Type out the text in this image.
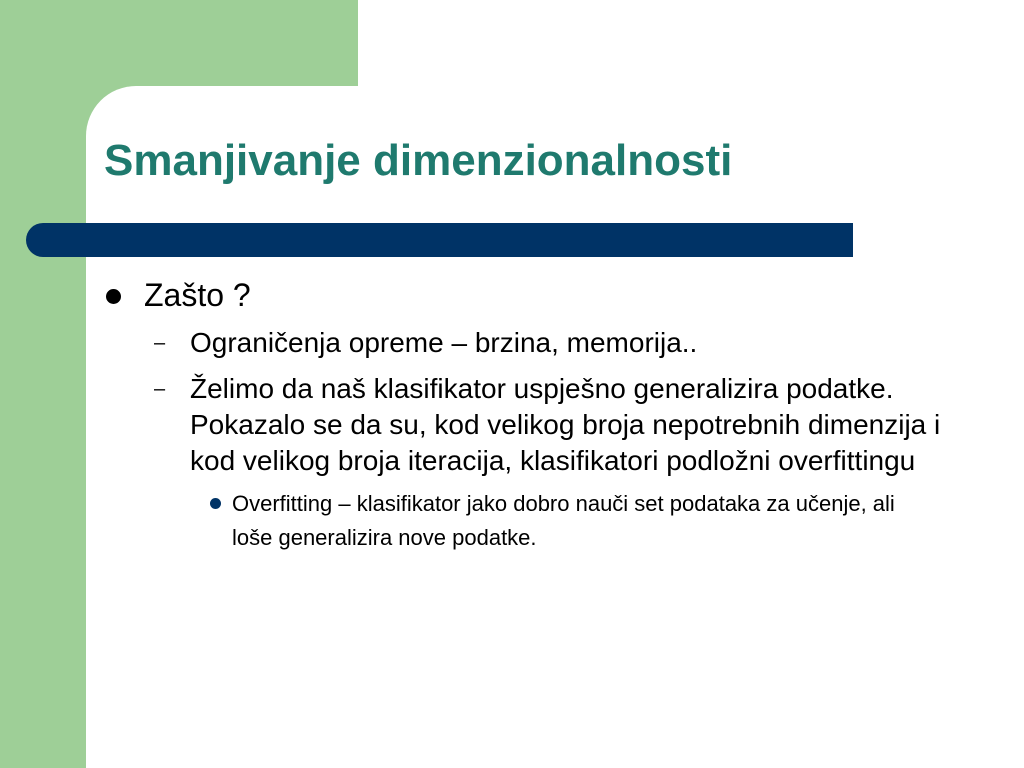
Smanjivanje dimenzionalnosti
Zašto ?
– Ograničenja opreme – brzina, memorija..
– Želimo da naš klasifikator uspješno generalizira podatke. Pokazalo se da su, kod velikog broja nepotrebnih dimenzija i kod velikog broja iteracija, klasifikatori podložni overfittingu
Overfitting – klasifikator jako dobro nauči set podataka za učenje, ali loše generalizira nove podatke.
